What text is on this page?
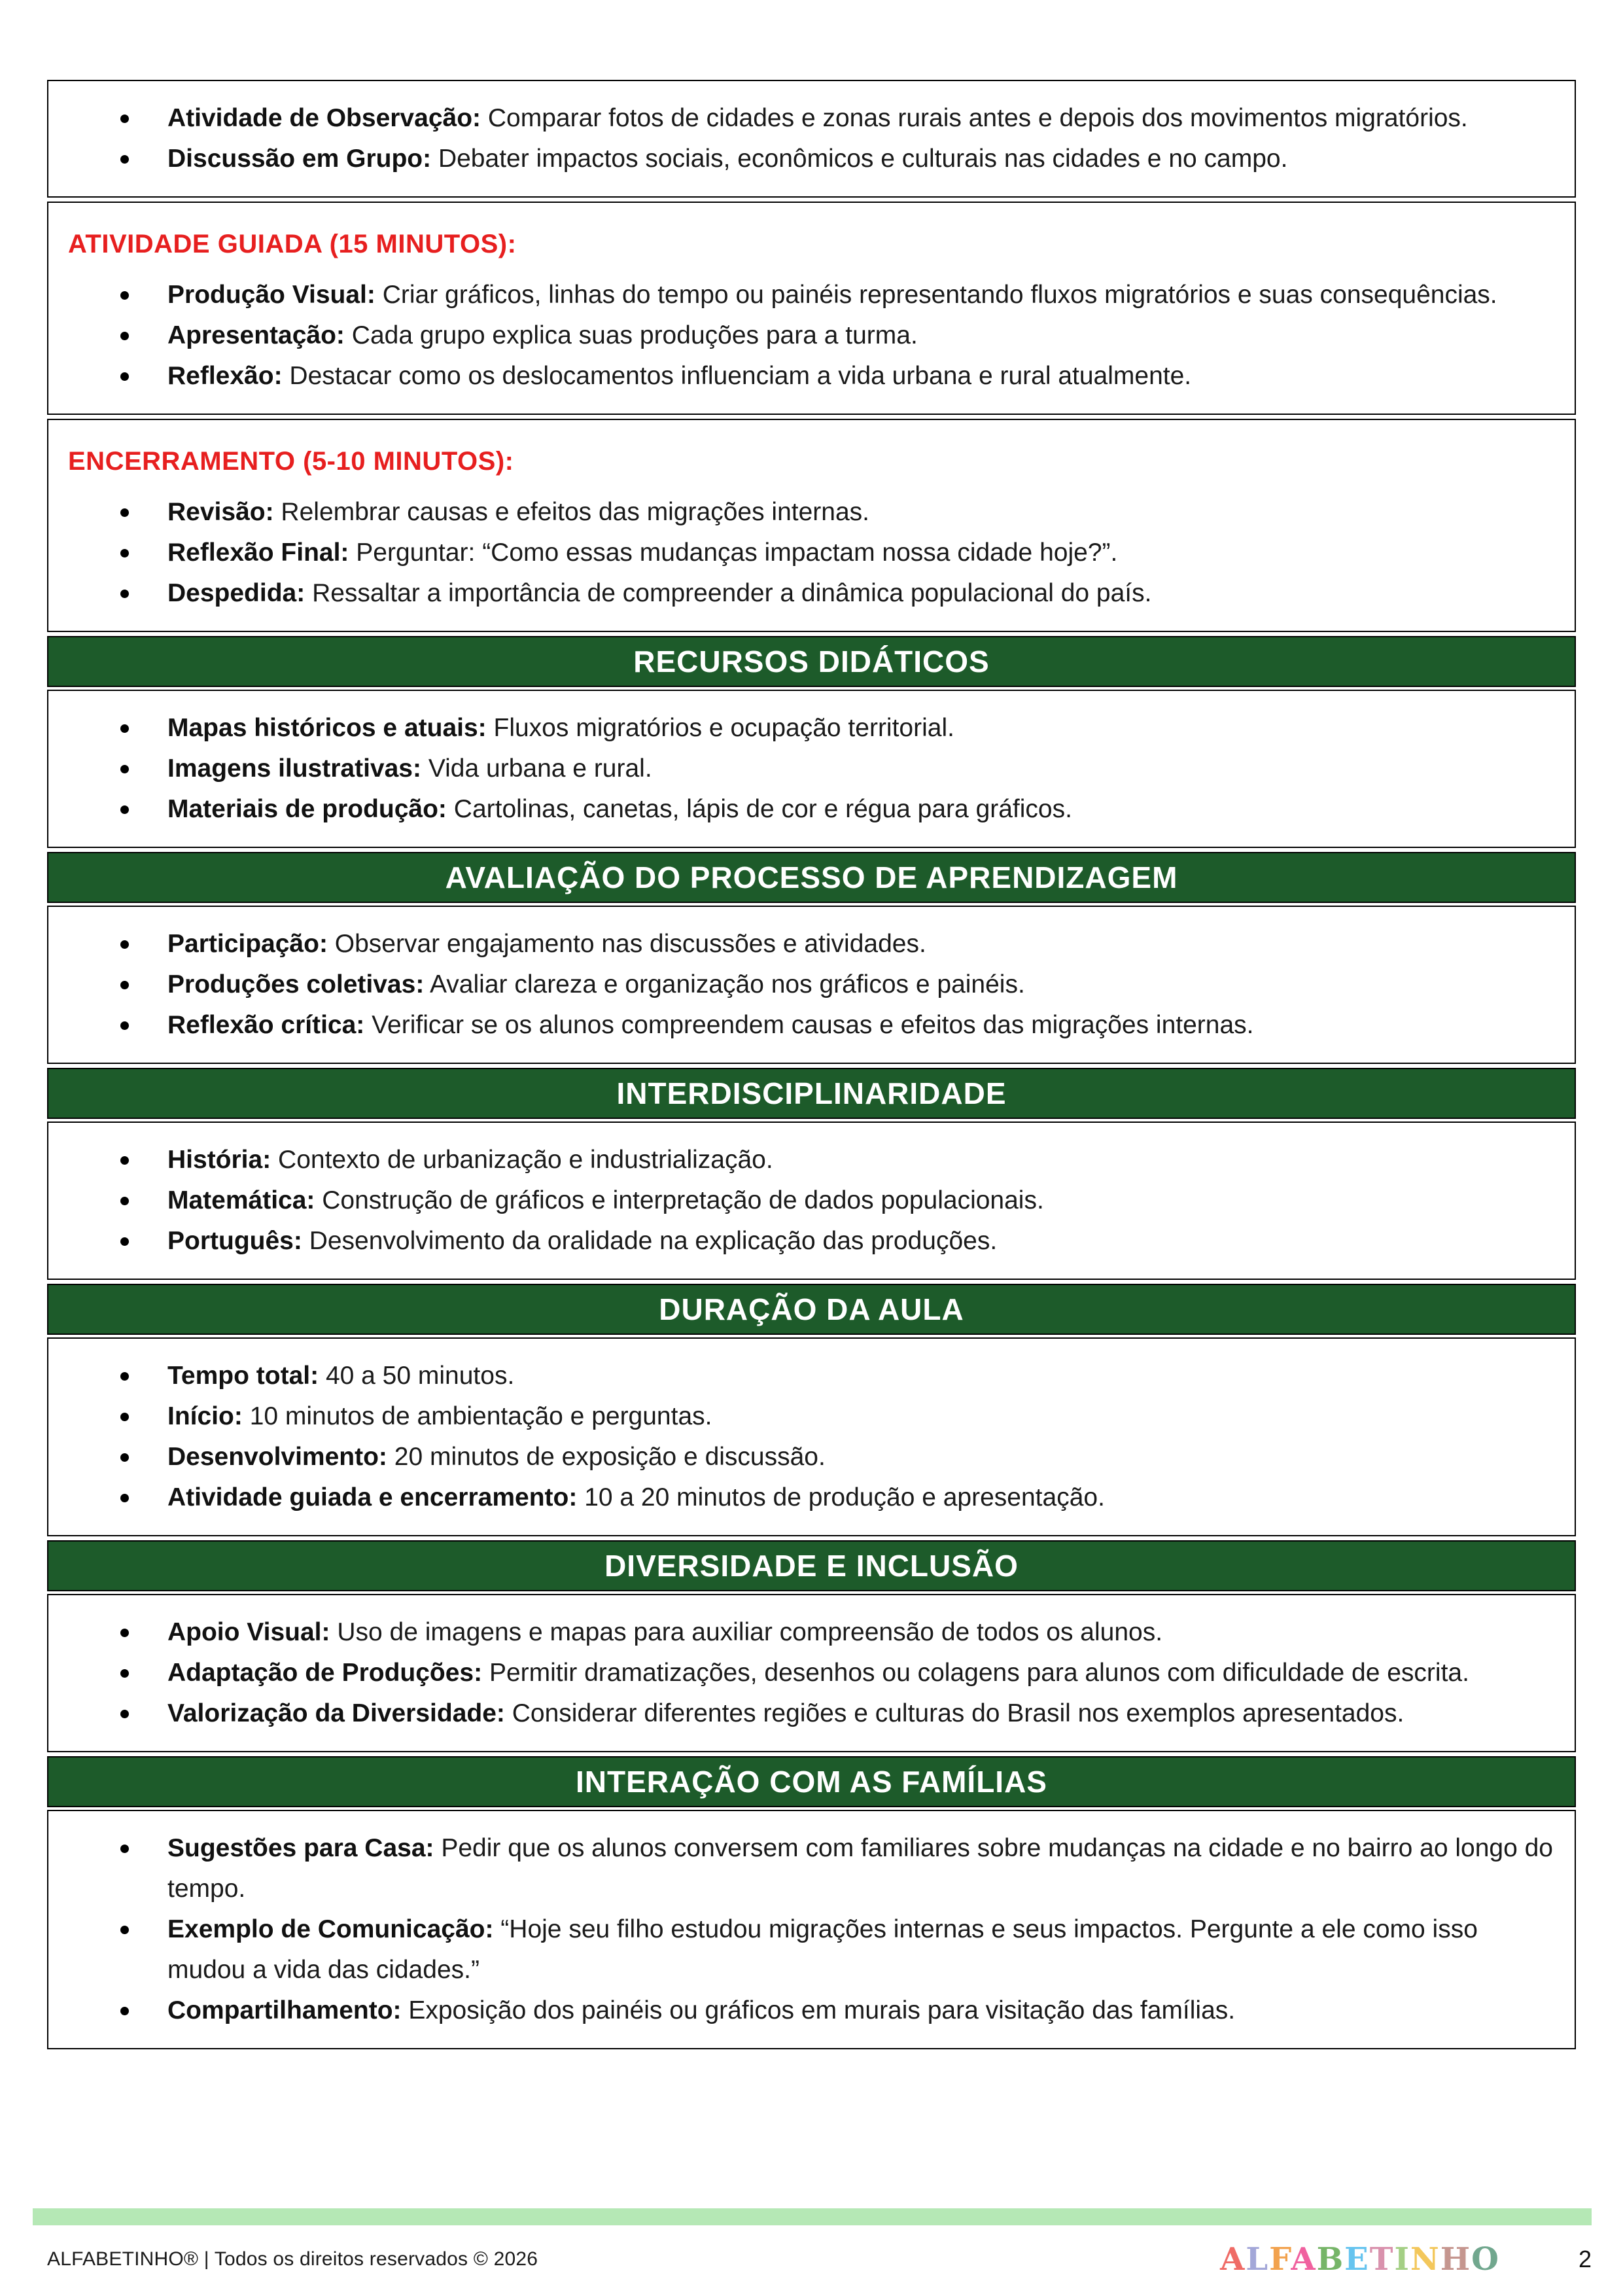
Atividade de Observação: Comparar fotos de cidades e zonas rurais antes e depois dos movimentos migratórios.
Discussão em Grupo: Debater impactos sociais, econômicos e culturais nas cidades e no campo.
ATIVIDADE GUIADA (15 MINUTOS):
Produção Visual: Criar gráficos, linhas do tempo ou painéis representando fluxos migratórios e suas consequências.
Apresentação: Cada grupo explica suas produções para a turma.
Reflexão: Destacar como os deslocamentos influenciam a vida urbana e rural atualmente.
ENCERRAMENTO (5-10 MINUTOS):
Revisão: Relembrar causas e efeitos das migrações internas.
Reflexão Final: Perguntar: “Como essas mudanças impactam nossa cidade hoje?”.
Despedida: Ressaltar a importância de compreender a dinâmica populacional do país.
RECURSOS DIDÁTICOS
Mapas históricos e atuais: Fluxos migratórios e ocupação territorial.
Imagens ilustrativas: Vida urbana e rural.
Materiais de produção: Cartolinas, canetas, lápis de cor e régua para gráficos.
AVALIAÇÃO DO PROCESSO DE APRENDIZAGEM
Participação: Observar engajamento nas discussões e atividades.
Produções coletivas: Avaliar clareza e organização nos gráficos e painéis.
Reflexão crítica: Verificar se os alunos compreendem causas e efeitos das migrações internas.
INTERDISCIPLINARIDADE
História: Contexto de urbanização e industrialização.
Matemática: Construção de gráficos e interpretação de dados populacionais.
Português: Desenvolvimento da oralidade na explicação das produções.
DURAÇÃO DA AULA
Tempo total: 40 a 50 minutos.
Início: 10 minutos de ambientação e perguntas.
Desenvolvimento: 20 minutos de exposição e discussão.
Atividade guiada e encerramento: 10 a 20 minutos de produção e apresentação.
DIVERSIDADE E INCLUSÃO
Apoio Visual: Uso de imagens e mapas para auxiliar compreensão de todos os alunos.
Adaptação de Produções: Permitir dramatizações, desenhos ou colagens para alunos com dificuldade de escrita.
Valorização da Diversidade: Considerar diferentes regiões e culturas do Brasil nos exemplos apresentados.
INTERAÇÃO COM AS FAMÍLIAS
Sugestões para Casa: Pedir que os alunos conversem com familiares sobre mudanças na cidade e no bairro ao longo do tempo.
Exemplo de Comunicação: “Hoje seu filho estudou migrações internas e seus impactos. Pergunte a ele como isso mudou a vida das cidades.”
Compartilhamento: Exposição dos painéis ou gráficos em murais para visitação das famílias.
ALFABETINHO® | Todos os direitos reservados © 2026	ALFABETINHO	2
